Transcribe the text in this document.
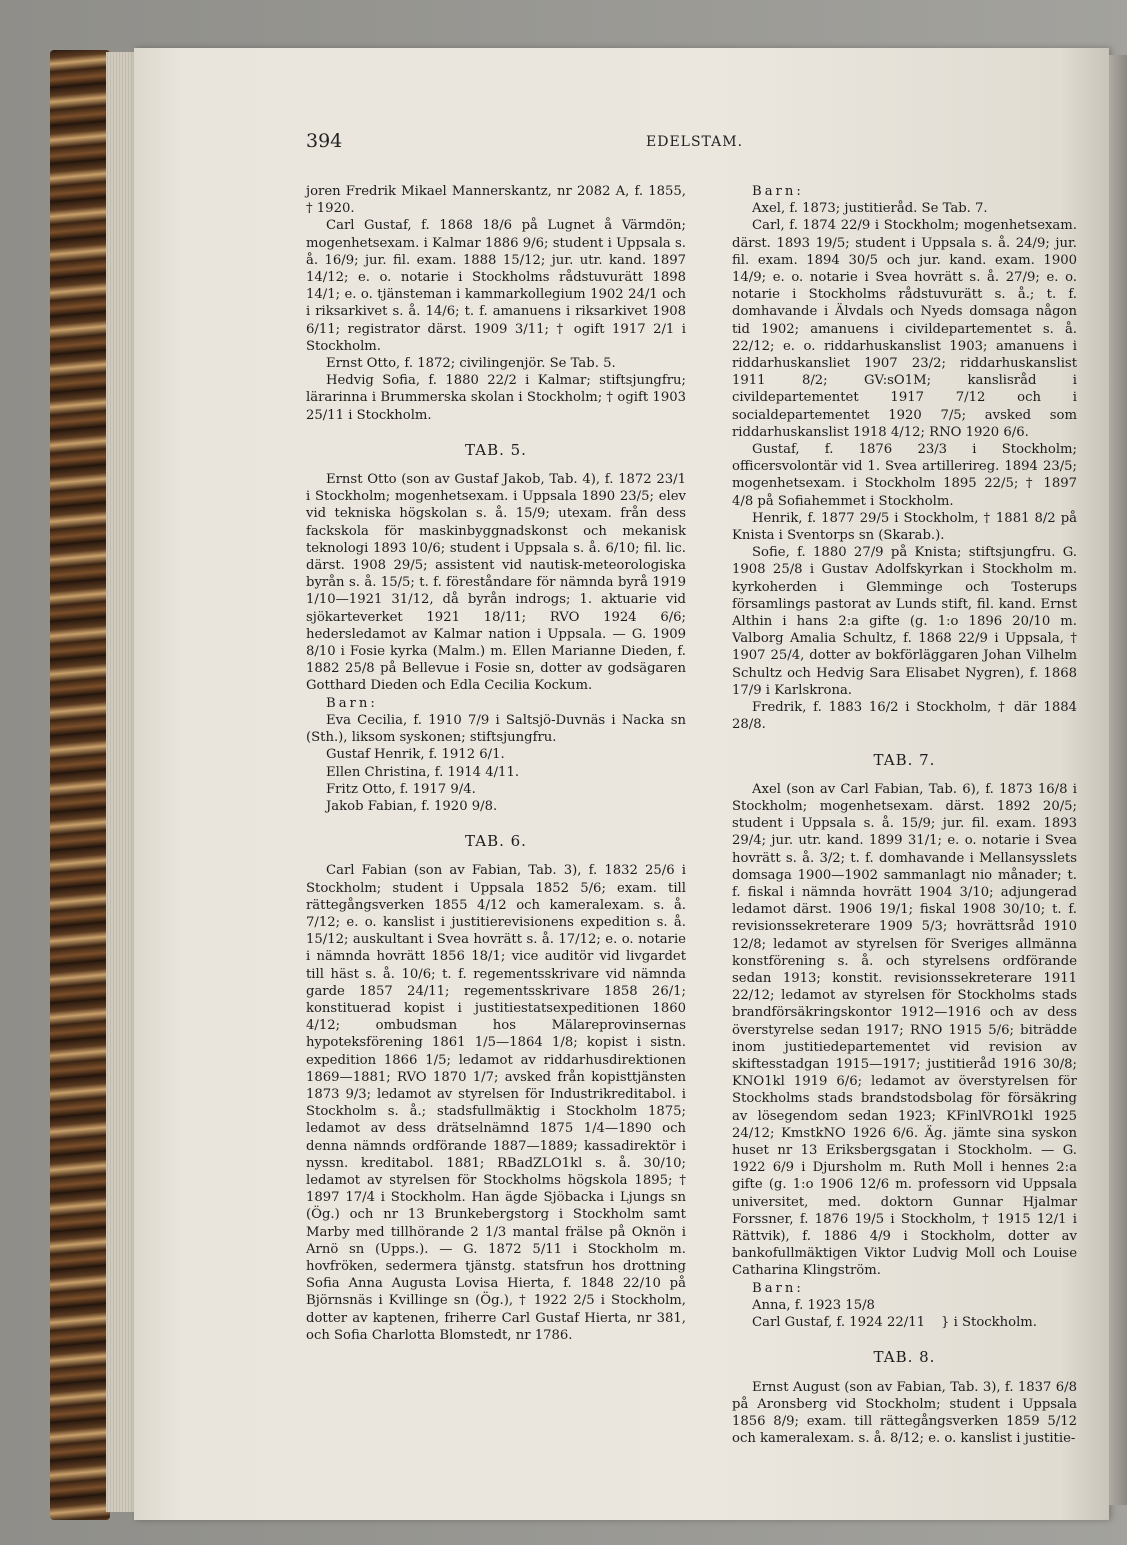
394	EDELSTAM.

joren Fredrik Mikael Mannerskantz, nr 2082 A, f. 1855, † 1920.

Carl Gustaf, f. 1868 18/6 på Lugnet å Värmdön; mogenhetsexam. i Kalmar 1886 9/6; student i Uppsala s. å. 16/9; jur. fil. exam. 1888 15/12; jur. utr. kand. 1897 14/12; e. o. notarie i Stockholms rådstuvurätt 1898 14/1; e. o. tjänsteman i kammarkollegium 1902 24/1 och i riksarkivet s. å. 14/6; t. f. amanuens i riksarkivet 1908 6/11; registrator därst. 1909 3/11; † ogift 1917 2/1 i Stockholm.

Ernst Otto, f. 1872; civilingenjör. Se Tab. 5.

Hedvig Sofia, f. 1880 22/2 i Kalmar; stiftsjungfru; lärarinna i Brummerska skolan i Stockholm; † ogift 1903 25/11 i Stockholm.

TAB. 5.

Ernst Otto (son av Gustaf Jakob, Tab. 4), f. 1872 23/1 i Stockholm; mogenhetsexam. i Uppsala 1890 23/5; elev vid tekniska högskolan s. å. 15/9; utexam. från dess fackskola för maskinbyggnadskonst och mekanisk teknologi 1893 10/6; student i Uppsala s. å. 6/10; fil. lic. därst. 1908 29/5; assistent vid nautisk-meteorologiska byrån s. å. 15/5; t. f. föreståndare för nämnda byrå 1919 1/10—1921 31/12, då byrån indrogs; 1. aktuarie vid sjökarteverket 1921 18/11; RVO 1924 6/6; hedersledamot av Kalmar nation i Uppsala. — G. 1909 8/10 i Fosie kyrka (Malm.) m. Ellen Marianne Dieden, f. 1882 25/8 på Bellevue i Fosie sn, dotter av godsägaren Gotthard Dieden och Edla Cecilia Kockum.

Barn:

Eva Cecilia, f. 1910 7/9 i Saltsjö-Duvnäs i Nacka sn (Sth.), liksom syskonen; stiftsjungfru.

Gustaf Henrik, f. 1912 6/1.

Ellen Christina, f. 1914 4/11.

Fritz Otto, f. 1917 9/4.

Jakob Fabian, f. 1920 9/8.

TAB. 6.

Carl Fabian (son av Fabian, Tab. 3), f. 1832 25/6 i Stockholm; student i Uppsala 1852 5/6; exam. till rättegångsverken 1855 4/12 och kameralexam. s. å. 7/12; e. o. kanslist i justitierevisionens expedition s. å. 15/12; auskultant i Svea hovrätt s. å. 17/12; e. o. notarie i nämnda hovrätt 1856 18/1; vice auditör vid livgardet till häst s. å. 10/6; t. f. regementsskrivare vid nämnda garde 1857 24/11; regementsskrivare 1858 26/1; konstituerad kopist i justitiestatsexpeditionen 1860 4/12; ombudsman hos Mälareprovinsernas hypoteksförening 1861 1/5—1864 1/8; kopist i sistn. expedition 1866 1/5; ledamot av riddarhusdirektionen 1869—1881; RVO 1870 1/7; avsked från kopisttjänsten 1873 9/3; ledamot av styrelsen för Industrikreditabol. i Stockholm s. å.; stadsfullmäktig i Stockholm 1875; ledamot av dess drätselnämnd 1875 1/4—1890 och denna nämnds ordförande 1887—1889; kassadirektör i nyssn. kreditabol. 1881; RBadZLO1kl s. å. 30/10; ledamot av styrelsen för Stockholms högskola 1895; † 1897 17/4 i Stockholm. Han ägde Sjöbacka i Ljungs sn (Ög.) och nr 13 Brunkebergstorg i Stockholm samt Marby med tillhörande 2 1/3 mantal frälse på Oknön i Arnö sn (Upps.). — G. 1872 5/11 i Stockholm m. hovfröken, sedermera tjänstg. statsfrun hos drottning Sofia Anna Augusta Lovisa Hierta, f. 1848 22/10 på Björnsnäs i Kvillinge sn (Ög.), † 1922 2/5 i Stockholm, dotter av kaptenen, friherre Carl Gustaf Hierta, nr 381, och Sofia Charlotta Blomstedt, nr 1786.

Barn:

Axel, f. 1873; justitieråd. Se Tab. 7.

Carl, f. 1874 22/9 i Stockholm; mogenhetsexam. därst. 1893 19/5; student i Uppsala s. å. 24/9; jur. fil. exam. 1894 30/5 och jur. kand. exam. 1900 14/9; e. o. notarie i Svea hovrätt s. å. 27/9; e. o. notarie i Stockholms rådstuvurätt s. å.; t. f. domhavande i Älvdals och Nyeds domsaga någon tid 1902; amanuens i civildepartementet s. å. 22/12; e. o. riddarhuskanslist 1903; amanuens i riddarhuskansliet 1907 23/2; riddarhuskanslist 1911 8/2; GV:sO1M; kanslisråd i civildepartementet 1917 7/12 och i socialdepartementet 1920 7/5; avsked som riddarhuskanslist 1918 4/12; RNO 1920 6/6.

Gustaf, f. 1876 23/3 i Stockholm; officersvolontär vid 1. Svea artillerireg. 1894 23/5; mogenhetsexam. i Stockholm 1895 22/5; † 1897 4/8 på Sofiahemmet i Stockholm.

Henrik, f. 1877 29/5 i Stockholm, † 1881 8/2 på Knista i Sventorps sn (Skarab.).

Sofie, f. 1880 27/9 på Knista; stiftsjungfru. G. 1908 25/8 i Gustav Adolfskyrkan i Stockholm m. kyrkoherden i Glemminge och Tosterups församlings pastorat av Lunds stift, fil. kand. Ernst Althin i hans 2:a gifte (g. 1:o 1896 20/10 m. Valborg Amalia Schultz, f. 1868 22/9 i Uppsala, † 1907 25/4, dotter av bokförläggaren Johan Vilhelm Schultz och Hedvig Sara Elisabet Nygren), f. 1868 17/9 i Karlskrona.

Fredrik, f. 1883 16/2 i Stockholm, † där 1884 28/8.

TAB. 7.

Axel (son av Carl Fabian, Tab. 6), f. 1873 16/8 i Stockholm; mogenhetsexam. därst. 1892 20/5; student i Uppsala s. å. 15/9; jur. fil. exam. 1893 29/4; jur. utr. kand. 1899 31/1; e. o. notarie i Svea hovrätt s. å. 3/2; t. f. domhavande i Mellansysslets domsaga 1900—1902 sammanlagt nio månader; t. f. fiskal i nämnda hovrätt 1904 3/10; adjungerad ledamot därst. 1906 19/1; fiskal 1908 30/10; t. f. revisionssekreterare 1909 5/3; hovrättsråd 1910 12/8; ledamot av styrelsen för Sveriges allmänna konstförening s. å. och styrelsens ordförande sedan 1913; konstit. revisionssekreterare 1911 22/12; ledamot av styrelsen för Stockholms stads brandförsäkringskontor 1912—1916 och av dess överstyrelse sedan 1917; RNO 1915 5/6; biträdde inom justitiedepartementet vid revision av skiftesstadgan 1915—1917; justitieråd 1916 30/8; KNO1kl 1919 6/6; ledamot av överstyrelsen för Stockholms stads brandstodsbolag för försäkring av lösegendom sedan 1923; KFinlVRO1kl 1925 24/12; KmstkNO 1926 6/6. Äg. jämte sina syskon huset nr 13 Eriksbergsgatan i Stockholm. — G. 1922 6/9 i Djursholm m. Ruth Moll i hennes 2:a gifte (g. 1:o 1906 12/6 m. professorn vid Uppsala universitet, med. doktorn Gunnar Hjalmar Forssner, f. 1876 19/5 i Stockholm, † 1915 12/1 i Rättvik), f. 1886 4/9 i Stockholm, dotter av bankofullmäktigen Viktor Ludvig Moll och Louise Catharina Klingström.

Barn:

Anna, f. 1923 15/8

Carl Gustaf, f. 1924 22/11	} i Stockholm.

TAB. 8.

Ernst August (son av Fabian, Tab. 3), f. 1837 6/8 på Aronsberg vid Stockholm; student i Uppsala 1856 8/9; exam. till rättegångsverken 1859 5/12 och kameralexam. s. å. 8/12; e. o. kanslist i justitie-
